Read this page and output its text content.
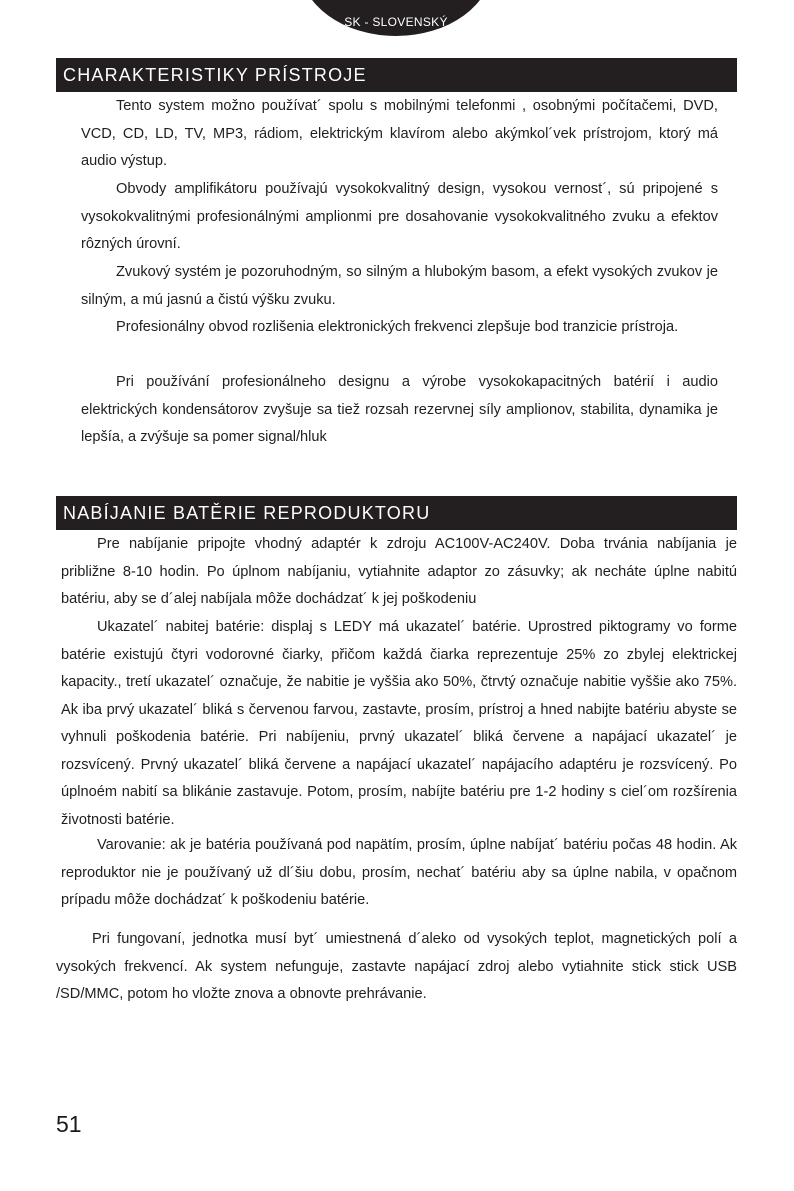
SK - SLOVENSKÝ
CHARAKTERISTIKY PRÍSTROJE

Tento system možno používat´ spolu s mobilnými telefonmi , osobnými počítačemi, DVD, VCD, CD, LD, TV, MP3, rádiom, elektrickým klavírom alebo akýmkol´vek prístrojom, ktorý má audio výstup.

Obvody amplifikátoru používajú vysokokvalitný design, vysokou vernost´, sú pripojené s vysokokvalitnými profesionálnými amplionmi pre dosahovanie vysokokvalitného zvuku a efektov rôzných úrovní.

Zvukový systém je pozoruhodným, so silným a hlubokým basom, a efekt vysokých zvukov je silným, a mú jasnú a čistú výšku zvuku.

Profesionálny obvod rozlišenia elektronických frekvenci zlepšuje bod tranzicie prístroja.

Pri používání profesionálneho designu a výrobe vysokokapacitných batérií i audio elektrických kondensátorov zvyšuje sa tiež rozsah rezervnej síly amplionov, stabilita, dynamika je lepšía, a zvýšuje sa pomer signal/hluk

NABÍJANIE BATĚRIE REPRODUKTORU

Pre nabíjanie pripojte vhodný adaptér k zdroju AC100V-AC240V. Doba trvánia nabíjania je približne 8-10 hodin. Po úplnom nabíjaniu, vytiahnite adaptor zo zásuvky; ak necháte úplne nabitú batériu, aby se d´alej nabíjala môže dochádzat´ k jej poškodeniu

Ukazatel´ nabitej batérie: displaj s LEDY má ukazatel´ batérie. Uprostred piktogramy vo forme batérie existujú čtyri vodorovné čiarky, přičom každá čiarka reprezentuje 25% zo zbylej elektrickej kapacity., tretí ukazatel´ označuje, že nabitie je vyššia ako 50%, čtrvtý označuje nabitie vyššie ako 75%. Ak iba prvý ukazatel´ bliká s červenou farvou, zastavte, prosím, prístroj a hned nabijte batériu abyste se vyhnuli poškodenia batérie. Pri nabíjeniu, prvný ukazatel´ bliká červene a napájací ukazatel´ je rozsvícený. Prvný ukazatel´ bliká červene a napájací ukazatel´ napájacího adaptéru je rozsvícený. Po úplnoém nabití sa blikánie zastavuje. Potom, prosím, nabíjte batériu pre 1-2 hodiny s ciel´om rozšírenia životnosti batérie.

Varovanie: ak je batéria používaná pod napätím, prosím, úplne nabíjat´ batériu počas 48 hodin. Ak reproduktor nie je používaný už dl´šiu dobu, prosím, nechat´ batériu aby sa úplne nabila, v opačnom prípadu môže dochádzat´ k poškodeniu batérie.

Pri fungovaní, jednotka musí byt´ umiestnená d´aleko od vysokých teplot, magnetických polí a vysokých frekvencí. Ak system nefunguje, zastavte napájací zdroj alebo vytiahnite stick stick USB /SD/MMC, potom ho vložte znova a obnovte prehrávanie.

51
